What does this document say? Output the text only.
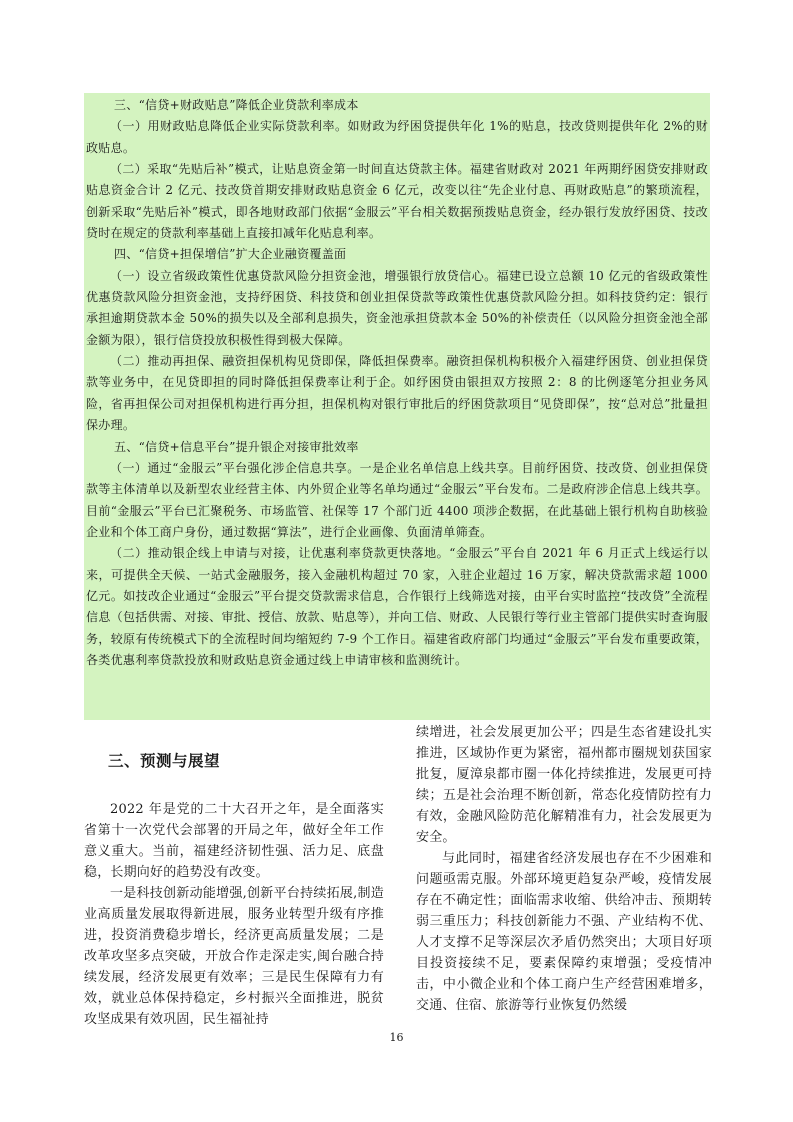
三、“信贷+财政贴息”降低企业贷款利率成本

（一）用财政贴息降低企业实际贷款利率。如财政为纾困贷提供年化 1%的贴息，技改贷则提供年化 2%的财政贴息。

（二）采取“先贴后补”模式，让贴息资金第一时间直达贷款主体。福建省财政对 2021 年两期纾困贷安排财政贴息资金合计 2 亿元、技改贷首期安排财政贴息资金 6 亿元，改变以往“先企业付息、再财政贴息”的繁琐流程，创新采取“先贴后补”模式，即各地财政部门依据“金服云”平台相关数据预拨贴息资金，经办银行发放纾困贷、技改贷时在规定的贷款利率基础上直接扣减年化贴息利率。

四、“信贷+担保增信”扩大企业融资覆盖面

（一）设立省级政策性优惠贷款风险分担资金池，增强银行放贷信心。福建已设立总额 10 亿元的省级政策性优惠贷款风险分担资金池，支持纾困贷、科技贷和创业担保贷款等政策性优惠贷款风险分担。如科技贷约定：银行承担逾期贷款本金 50%的损失以及全部利息损失，资金池承担贷款本金 50%的补偿责任（以风险分担资金池全部金额为限），银行信贷投放积极性得到极大保障。

（二）推动再担保、融资担保机构见贷即保，降低担保费率。融资担保机构积极介入福建纾困贷、创业担保贷款等业务中，在见贷即担的同时降低担保费率让利于企。如纾困贷由银担双方按照 2：8 的比例逐笔分担业务风险，省再担保公司对担保机构进行再分担，担保机构对银行审批后的纾困贷款项目“见贷即保”，按“总对总”批量担保办理。

五、“信贷+信息平台”提升银企对接审批效率

（一）通过“金服云”平台强化涉企信息共享。一是企业名单信息上线共享。目前纾困贷、技改贷、创业担保贷款等主体清单以及新型农业经营主体、内外贸企业等名单均通过“金服云”平台发布。二是政府涉企信息上线共享。目前“金服云”平台已汇聚税务、市场监管、社保等 17 个部门近 4400 项涉企数据，在此基础上银行机构自助核验企业和个体工商户身份，通过数据“算法”，进行企业画像、负面清单筛查。

（二）推动银企线上申请与对接，让优惠利率贷款更快落地。“金服云”平台自 2021 年 6 月正式上线运行以来，可提供全天候、一站式金融服务，接入金融机构超过 70 家，入驻企业超过 16 万家，解决贷款需求超 1000 亿元。如技改企业通过“金服云”平台提交贷款需求信息，合作银行上线筛选对接，由平台实时监控“技改贷”全流程信息（包括供需、对接、审批、授信、放款、贴息等），并向工信、财政、人民银行等行业主管部门提供实时查询服务，较原有传统模式下的全流程时间均缩短约 7-9 个工作日。福建省政府部门均通过“金服云”平台发布重要政策，各类优惠利率贷款投放和财政贴息资金通过线上申请审核和监测统计。

三、预测与展望

2022 年是党的二十大召开之年，是全面落实省第十一次党代会部署的开局之年，做好全年工作意义重大。当前，福建经济韧性强、活力足、底盘稳，长期向好的趋势没有改变。

一是科技创新动能增强,创新平台持续拓展,制造业高质量发展取得新进展，服务业转型升级有序推进，投资消费稳步增长，经济更高质量发展；二是改革攻坚多点突破，开放合作走深走实,闽台融合持续发展，经济发展更有效率；三是民生保障有力有效，就业总体保持稳定，乡村振兴全面推进，脱贫攻坚成果有效巩固，民生福祉持

续增进，社会发展更加公平；四是生态省建设扎实推进，区域协作更为紧密，福州都市圈规划获国家批复，厦漳泉都市圈一体化持续推进，发展更可持续；五是社会治理不断创新，常态化疫情防控有力有效，金融风险防范化解精准有力，社会发展更为安全。

与此同时，福建省经济发展也存在不少困难和问题亟需克服。外部环境更趋复杂严峻，疫情发展存在不确定性；面临需求收缩、供给冲击、预期转弱三重压力；科技创新能力不强、产业结构不优、人才支撑不足等深层次矛盾仍然突出；大项目好项目投资接续不足，要素保障约束增强；受疫情冲击，中小微企业和个体工商户生产经营困难增多，交通、住宿、旅游等行业恢复仍然缓

16
